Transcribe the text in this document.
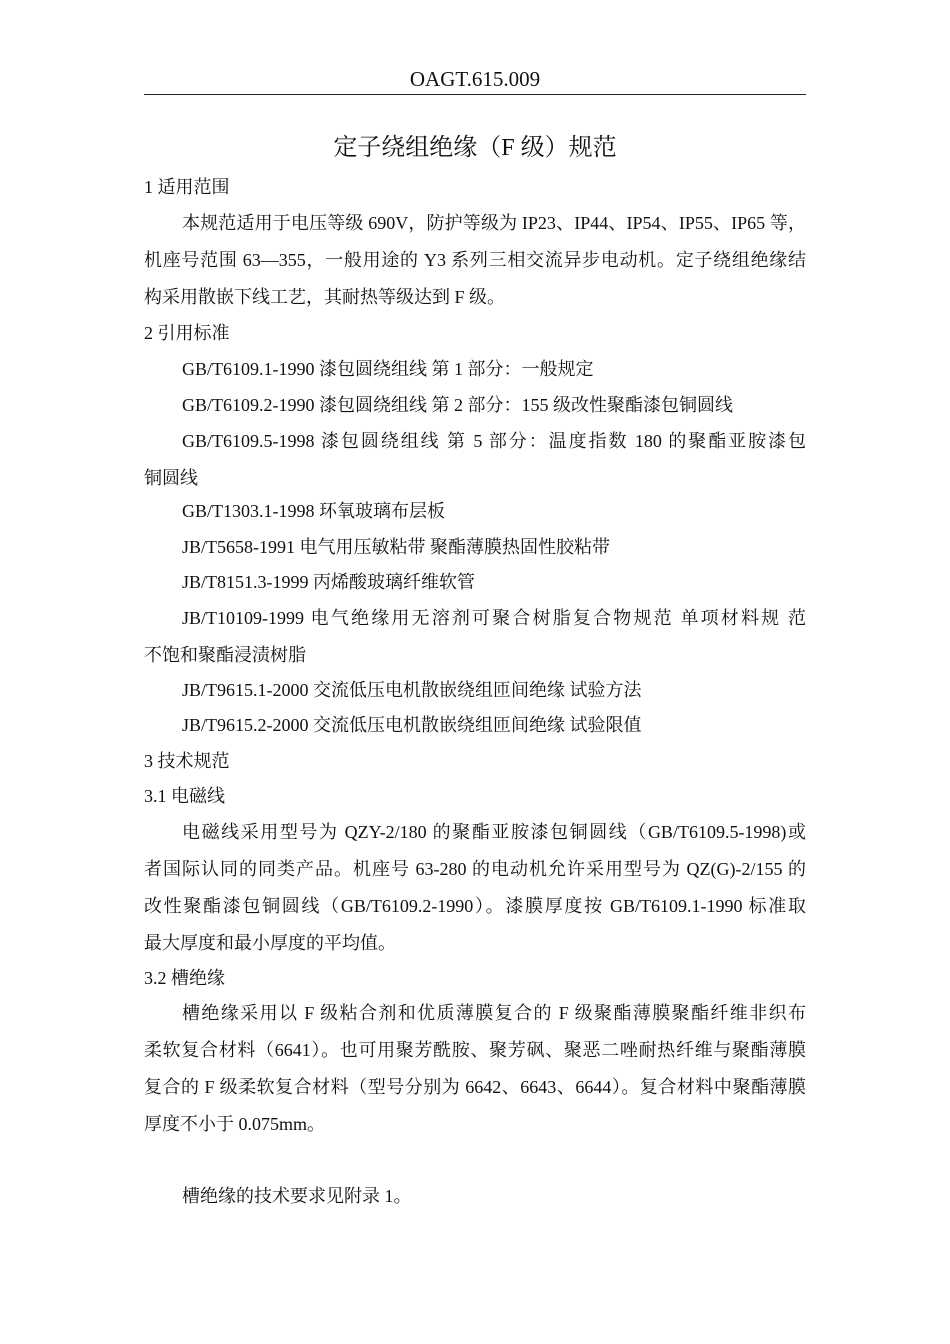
OAGT.615.009
定子绕组绝缘（F 级）规范
1 适用范围
本规范适用于电压等级 690V，防护等级为 IP23、IP44、IP54、IP55、IP65 等，
机座号范围 63—355，一般用途的 Y3 系列三相交流异步电动机。定子绕组绝缘结
构采用散嵌下线工艺，其耐热等级达到 F 级。
2 引用标准
GB/T6109.1-1990 漆包圆绕组线 第 1 部分：一般规定
GB/T6109.2-1990 漆包圆绕组线 第 2 部分：155 级改性聚酯漆包铜圆线
GB/T6109.5-1998 漆包圆绕组线 第 5 部分：温度指数 180 的聚酯亚胺漆包
铜圆线
GB/T1303.1-1998 环氧玻璃布层板
JB/T5658-1991 电气用压敏粘带 聚酯薄膜热固性胶粘带
JB/T8151.3-1999 丙烯酸玻璃纤维软管
JB/T10109-1999 电气绝缘用无溶剂可聚合树脂复合物规范 单项材料规 范
不饱和聚酯浸渍树脂
JB/T9615.1-2000 交流低压电机散嵌绕组匝间绝缘 试验方法
JB/T9615.2-2000 交流低压电机散嵌绕组匝间绝缘 试验限值
3 技术规范
3.1 电磁线
电磁线采用型号为 QZY-2/180 的聚酯亚胺漆包铜圆线（GB/T6109.5-1998)或
者国际认同的同类产品。机座号 63-280 的电动机允许采用型号为 QZ(G)-2/155 的
改性聚酯漆包铜圆线（GB/T6109.2-1990）。漆膜厚度按 GB/T6109.1-1990 标准取
最大厚度和最小厚度的平均值。
3.2 槽绝缘
槽绝缘采用以 F 级粘合剂和优质薄膜复合的 F 级聚酯薄膜聚酯纤维非织布
柔软复合材料（6641）。也可用聚芳酰胺、聚芳砜、聚恶二唑耐热纤维与聚酯薄膜
复合的 F 级柔软复合材料（型号分别为 6642、6643、6644）。复合材料中聚酯薄膜
厚度不小于 0.075mm。
槽绝缘的技术要求见附录 1。
